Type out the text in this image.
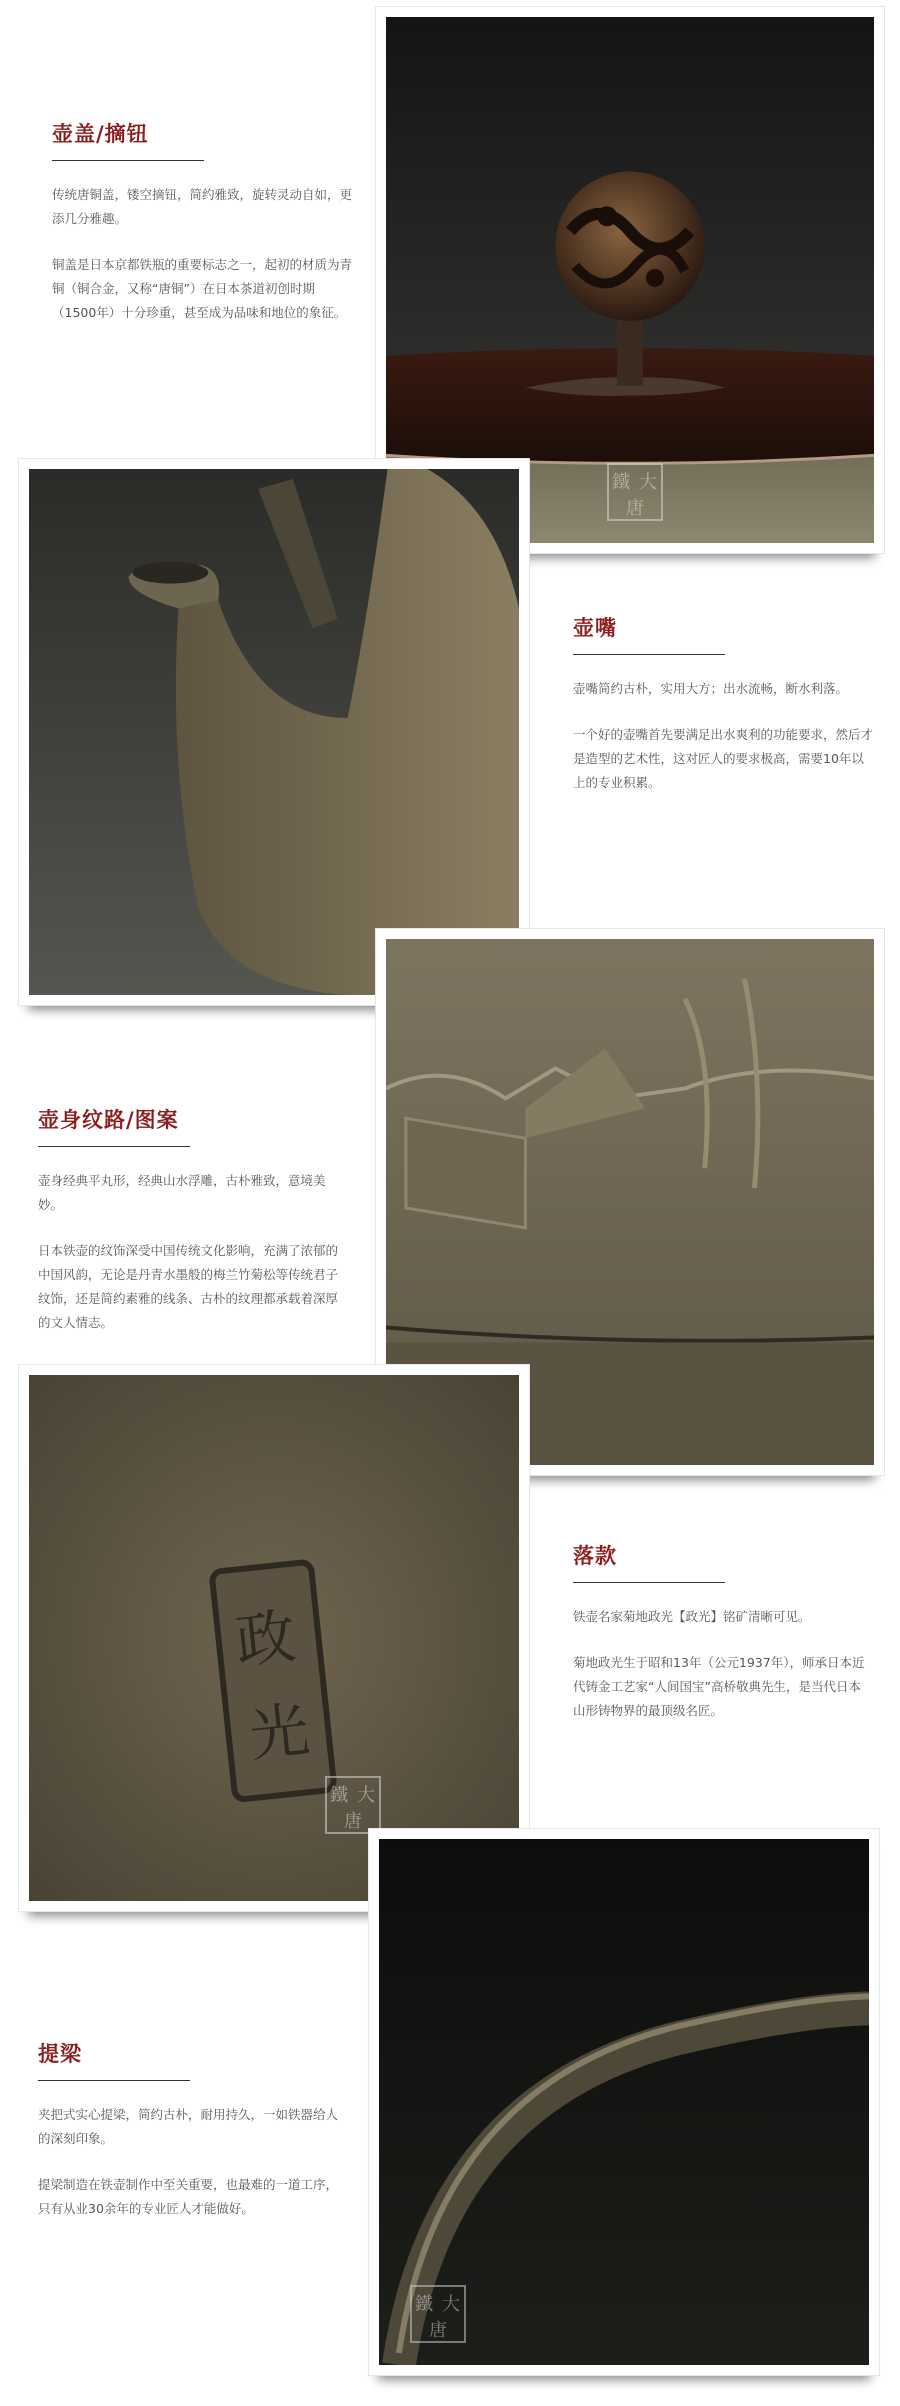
壶盖/摘钮

传统唐铜盖，镂空摘钮，简约雅致，旋转灵动自如，更添几分雅趣。

铜盖是日本京都铁瓶的重要标志之一，起初的材质为青铜（铜合金，又称“唐铜”）在日本茶道初创时期（1500年）十分珍重，甚至成为品味和地位的象征。

鐵 大
唐
壶嘴

壶嘴简约古朴，实用大方；出水流畅，断水利落。

一个好的壶嘴首先要满足出水爽利的功能要求，然后才是造型的艺术性，这对匠人的要求极高，需要10年以上的专业积累。

壶身纹路/图案

壶身经典平丸形，经典山水浮雕，古朴雅致，意境美妙。

日本铁壶的纹饰深受中国传统文化影响，充满了浓郁的中国风韵，无论是丹青水墨般的梅兰竹菊松等传统君子纹饰，还是简约素雅的线条、古朴的纹理都承载着深厚的文人情志。

政
光
鐵 大
唐
落款

铁壶名家菊地政光【政光】铭矿清晰可见。

菊地政光生于昭和13年（公元1937年），师承日本近代铸金工艺家“人间国宝”高桥敬典先生，是当代日本山形铸物界的最顶级名匠。

提梁

夹把式实心提梁，简约古朴，耐用持久，一如铁器给人的深刻印象。

提梁制造在铁壶制作中至关重要，也最难的一道工序，只有从业30余年的专业匠人才能做好。

鐵 大
唐
